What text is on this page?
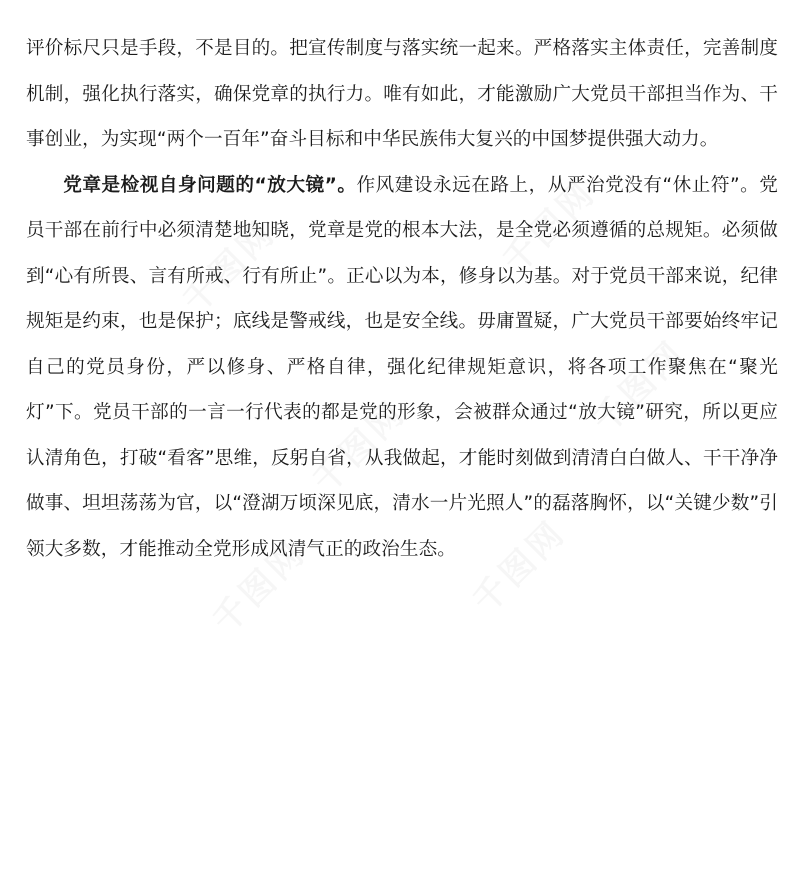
评价标尺只是手段，不是目的。把宣传制度与落实统一起来。严格落实主体责任，完善制度机制，强化执行落实，确保党章的执行力。唯有如此，才能激励广大党员干部担当作为、干事创业，为实现“两个一百年”奋斗目标和中华民族伟大复兴的中国梦提供强大动力。

党章是检视自身问题的“放大镜”。作风建设永远在路上，从严治党没有“休止符”。党员干部在前行中必须清楚地知晓，党章是党的根本大法，是全党必须遵循的总规矩。必须做到“心有所畏、言有所戒、行有所止”。正心以为本，修身以为基。对于党员干部来说，纪律规矩是约束，也是保护；底线是警戒线，也是安全线。毋庸置疑，广大党员干部要始终牢记自己的党员身份，严以修身、严格自律，强化纪律规矩意识，将各项工作聚焦在“聚光灯”下。党员干部的一言一行代表的都是党的形象，会被群众通过“放大镜”研究，所以更应认清角色，打破“看客”思维，反躬自省，从我做起，才能时刻做到清清白白做人、干干净净做事、坦坦荡荡为官，以“澄湖万顷深见底，清水一片光照人”的磊落胸怀，以“关键少数”引领大多数，才能推动全党形成风清气正的政治生态。
